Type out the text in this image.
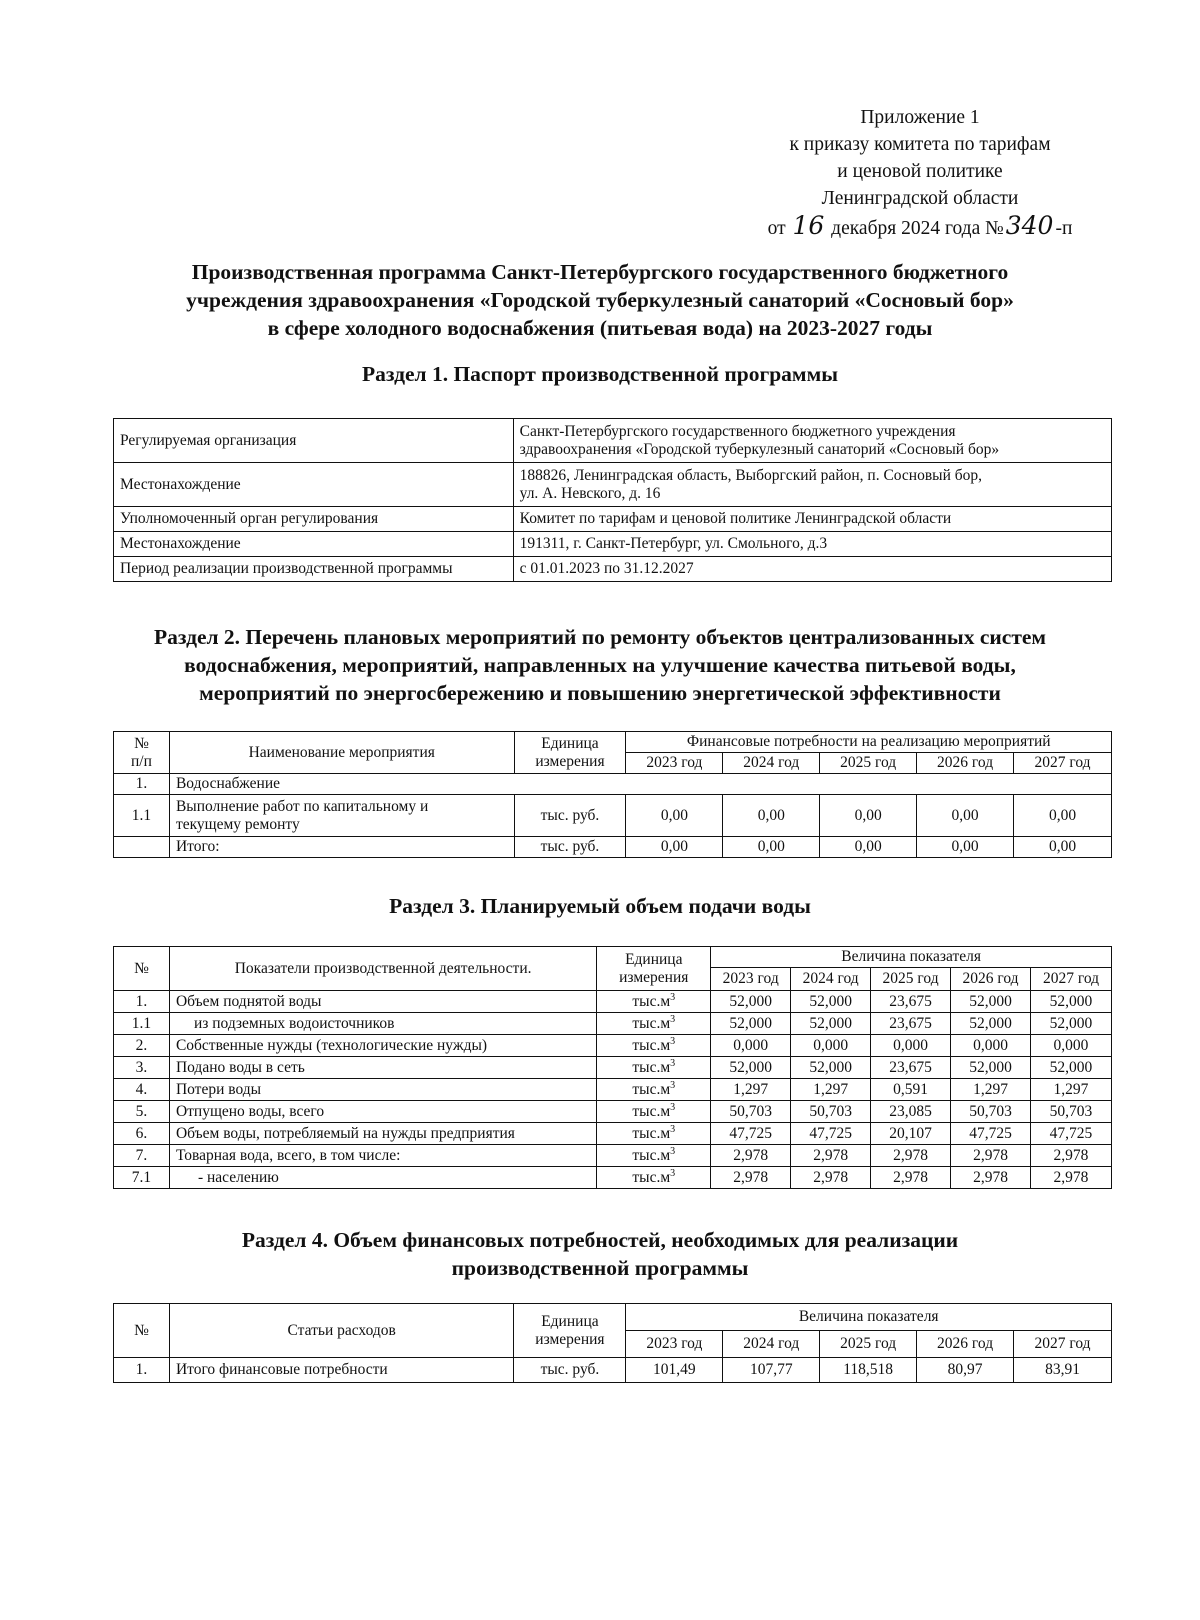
Приложение 1
к приказу комитета по тарифам
и ценовой политике
Ленинградской области
от 16 декабря 2024 года №340 -п
Производственная программа Санкт-Петербургского государственного бюджетного
учреждения здравоохранения «Городской туберкулезный санаторий «Сосновый бор»
в сфере холодного водоснабжения (питьевая вода) на 2023-2027 годы
Раздел 1. Паспорт производственной программы
Регулируемая организация	Санкт-Петербургского государственного бюджетного учреждения
здравоохранения «Городской туберкулезный санаторий «Сосновый бор»
Местонахождение	188826, Ленинградская область, Выборгский район, п. Сосновый бор,
ул. А. Невского, д. 16
Уполномоченный орган регулирования	Комитет по тарифам и ценовой политике Ленинградской области
Местонахождение	191311, г. Санкт-Петербург, ул. Смольного, д.3
Период реализации производственной программы	с 01.01.2023 по 31.12.2027
Раздел 2. Перечень плановых мероприятий по ремонту объектов централизованных систем
водоснабжения, мероприятий, направленных на улучшение качества питьевой воды,
мероприятий по энергосбережению и повышению энергетической эффективности
№
п/п	Наименование мероприятия	Единица
измерения	Финансовые потребности на реализацию мероприятий				
			2023 год	2024 год	2025 год	2026 год	2027 год
1.	Водоснабжение						
1.1	Выполнение работ по капитальному и
текущему ремонту	тыс. руб.	0,00	0,00	0,00	0,00	0,00
	Итого:	тыс. руб.	0,00	0,00	0,00	0,00	0,00
Раздел 3. Планируемый объем подачи воды
№	Показатели производственной деятельности.	Единица
измерения	Величина показателя				
			2023 год	2024 год	2025 год	2026 год	2027 год
1.	Объем поднятой воды	$тыс.м^3$	52,000	52,000	23,675	52,000	52,000
1.1	из подземных водоисточников	$тыс.м^3$	52,000	52,000	23,675	52,000	52,000
2.	Собственные нужды (технологические нужды)	$тыс.м^3$	0,000	0,000	0,000	0,000	0,000
3.	Подано воды в сеть	$тыс.м^3$	52,000	52,000	23,675	52,000	52,000
4.	Потери воды	$тыс.м^3$	1,297	1,297	0,591	1,297	1,297
5.	Отпущено воды, всего	$тыс.м^3$	50,703	50,703	23,085	50,703	50,703
6.	Объем воды, потребляемый на нужды предприятия	$тыс.м^3$	47,725	47,725	20,107	47,725	47,725
7.	Товарная вода, всего, в том числе:	$тыс.м^3$	2,978	2,978	2,978	2,978	2,978
7.1	- населению	$тыс.м^3$	2,978	2,978	2,978	2,978	2,978
Раздел 4. Объем финансовых потребностей, необходимых для реализации
производственной программы
№	Статьи расходов	Единица
измерения	Величина показателя				
			2023 год	2024 год	2025 год	2026 год	2027 год
1.	Итого финансовые потребности	тыс. руб.	101,49	107,77	118,518	80,97	83,91
